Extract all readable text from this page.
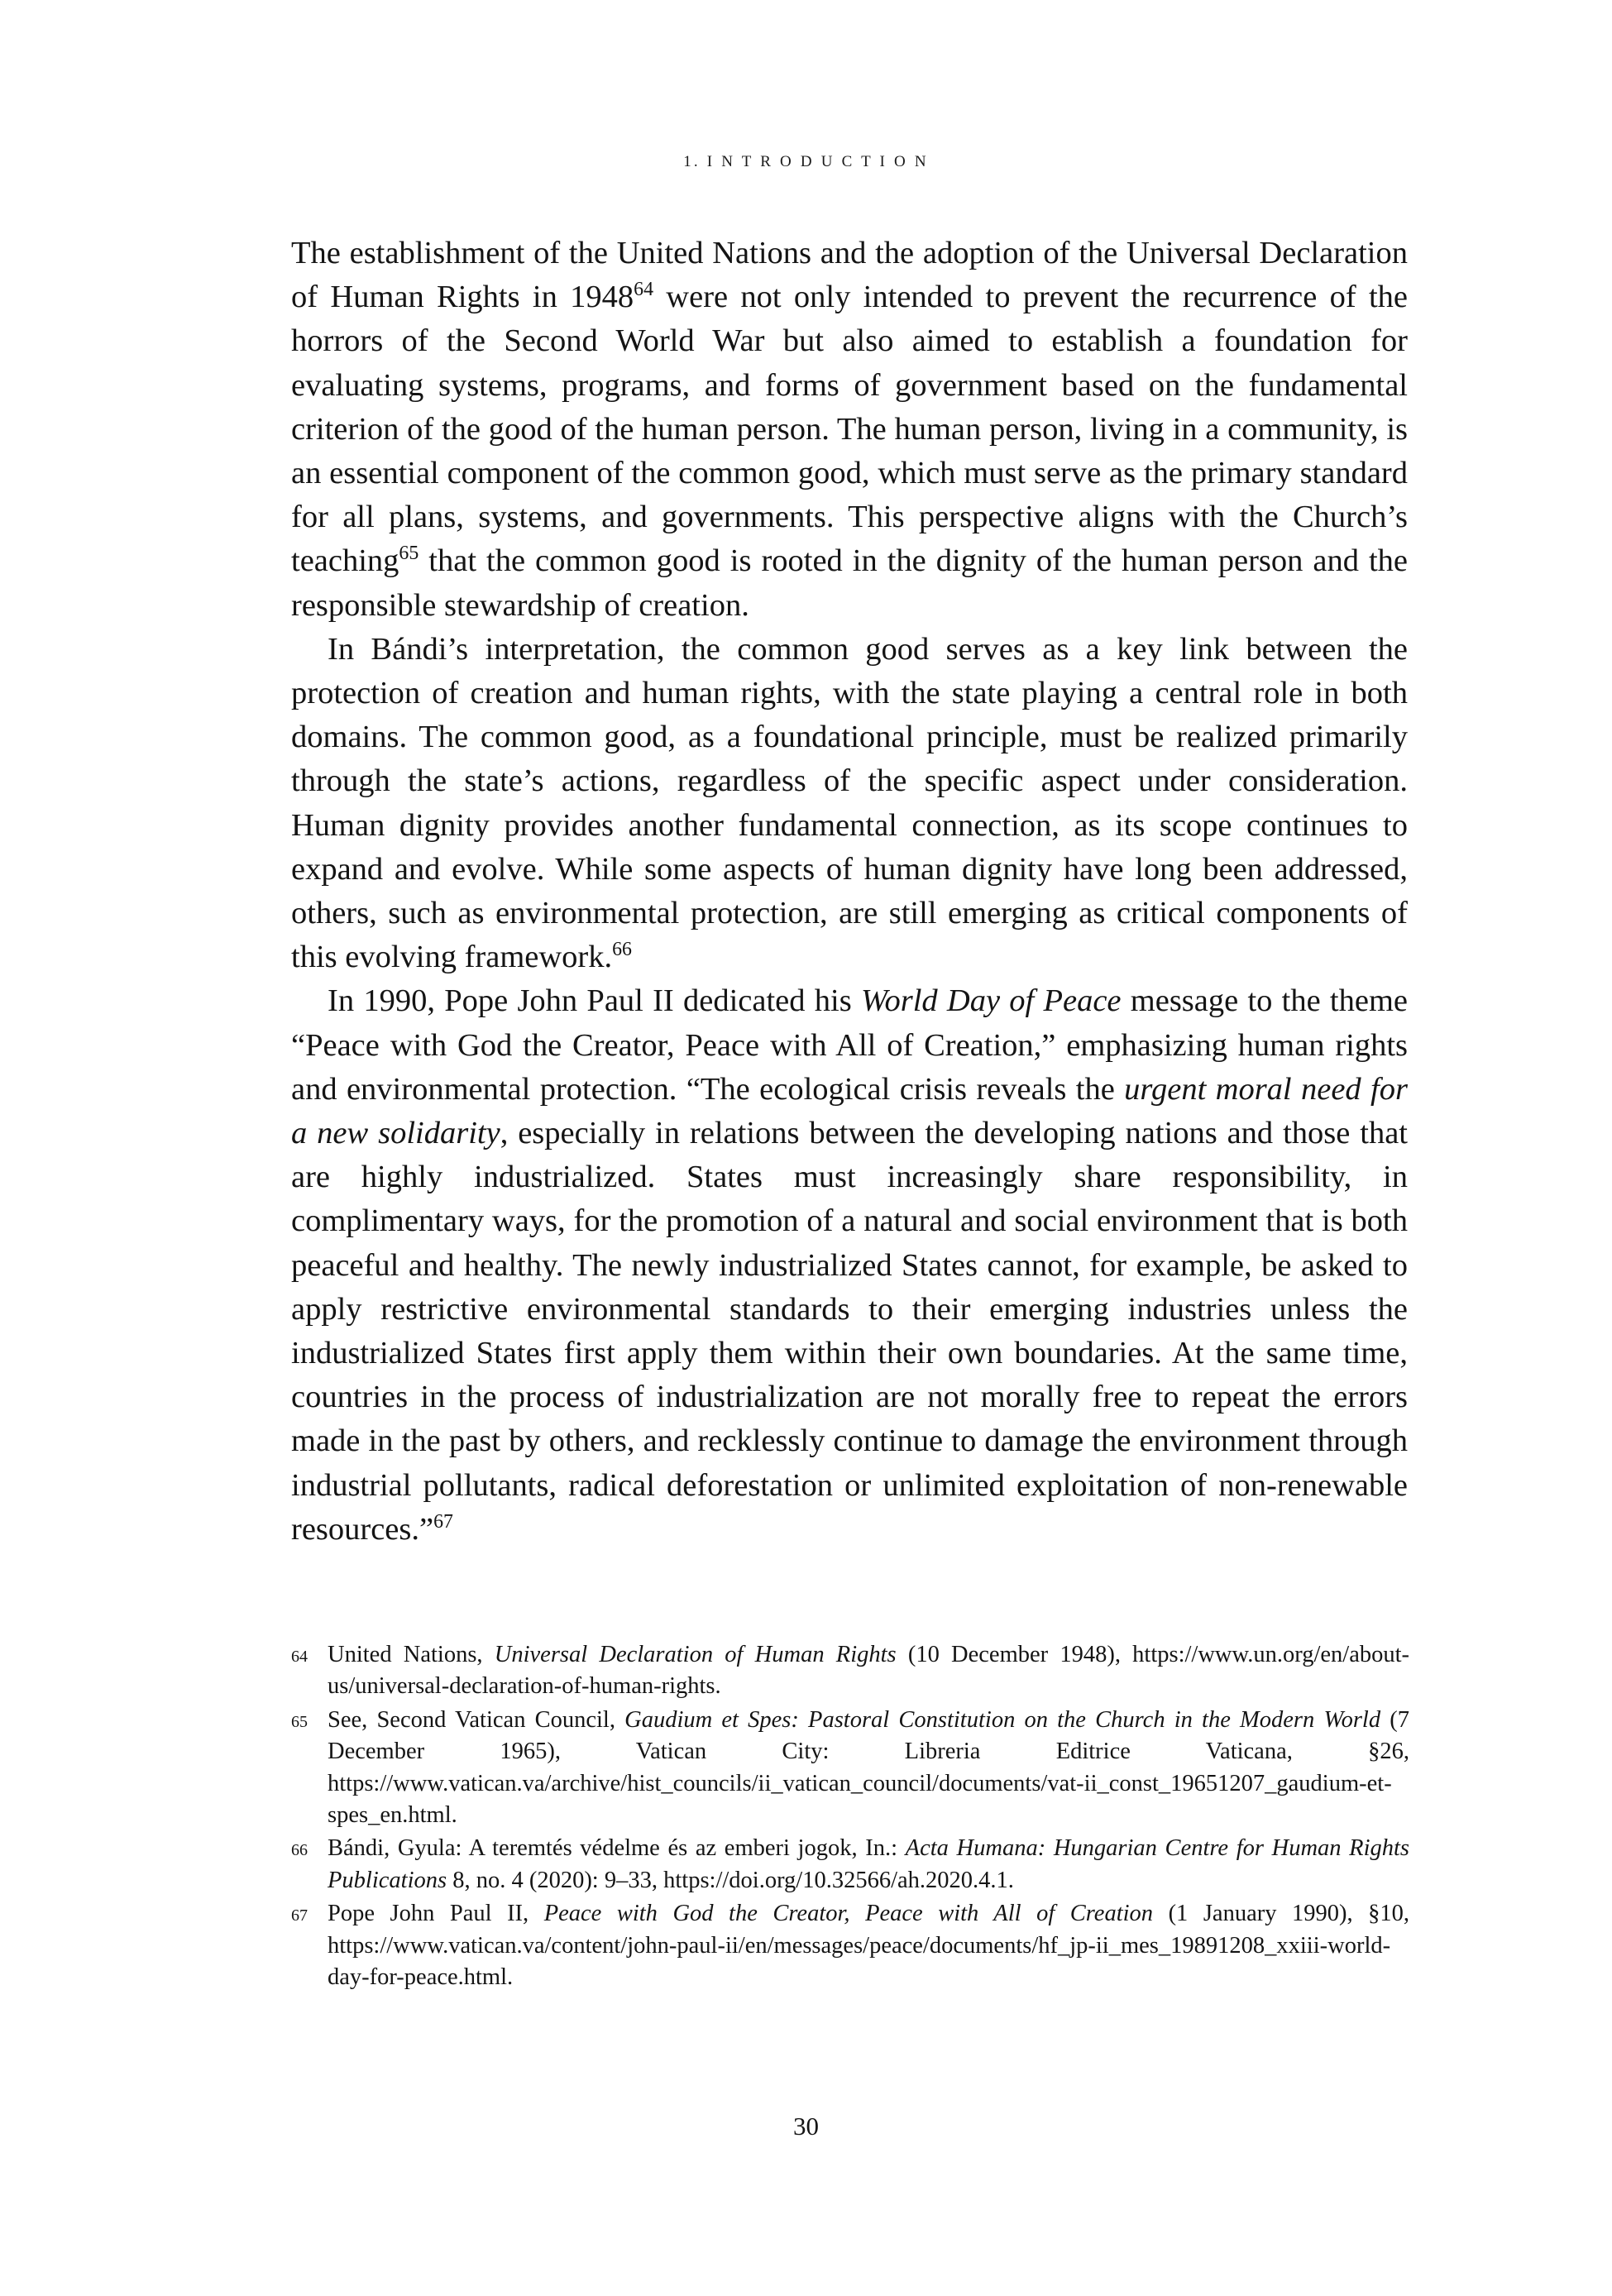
1. I N T R O D U C T I O N

The establishment of the United Nations and the adoption of the Universal Declaration of Human Rights in 1948$^{64}$ were not only intended to prevent the recurrence of the horrors of the Second World War but also aimed to establish a foundation for evaluating systems, programs, and forms of government based on the fundamental criterion of the good of the human person. The human person, living in a community, is an essential component of the common good, which must serve as the primary standard for all plans, systems, and governments. This perspective aligns with the Church’s teaching$^{65}$ that the common good is rooted in the dignity of the human person and the responsible stewardship of creation.

In Bándi’s interpretation, the common good serves as a key link between the protection of creation and human rights, with the state playing a central role in both domains. The common good, as a foundational principle, must be realized primarily through the state’s actions, regardless of the specific aspect under consideration. Human dignity provides another fundamental connection, as its scope continues to expand and evolve. While some aspects of human dignity have long been addressed, others, such as environmental protection, are still emerging as critical components of this evolving framework.$^{66}$

In 1990, Pope John Paul II dedicated his World Day of Peace message to the theme “Peace with God the Creator, Peace with All of Creation,” emphasizing human rights and environmental protection. “The ecological crisis reveals the urgent moral need for a new solidarity, especially in relations between the developing nations and those that are highly industrialized. States must increasingly share responsibility, in complimentary ways, for the promotion of a natural and social environment that is both peaceful and healthy. The newly industrialized States cannot, for example, be asked to apply restrictive environmental standards to their emerging industries unless the industrialized States first apply them within their own boundaries. At the same time, countries in the process of industrialization are not morally free to repeat the errors made in the past by others, and recklessly continue to damage the environment through industrial pollutants, radical deforestation or unlimited exploitation of non-renewable resources.”$^{67}$

64 United Nations, Universal Declaration of Human Rights (10 December 1948), https://www.un.org/en/about-us/universal-declaration-of-human-rights.
65 See, Second Vatican Council, Gaudium et Spes: Pastoral Constitution on the Church in the Modern World (7 December 1965), Vatican City: Libreria Editrice Vaticana, §26, https://www.vatican.va/archive/hist_councils/ii_vatican_council/documents/vat-ii_const_19651207_gaudium-et-spes_en.html.
66 Bándi, Gyula: A teremtés védelme és az emberi jogok, In.: Acta Humana: Hungarian Centre for Human Rights Publications 8, no. 4 (2020): 9–33, https://doi.org/10.32566/ah.2020.4.1.
67 Pope John Paul II, Peace with God the Creator, Peace with All of Creation (1 January 1990), §10, https://www.vatican.va/content/john-paul-ii/en/messages/peace/documents/hf_jp-ii_mes_19891208_xxiii-world-day-for-peace.html.
30
